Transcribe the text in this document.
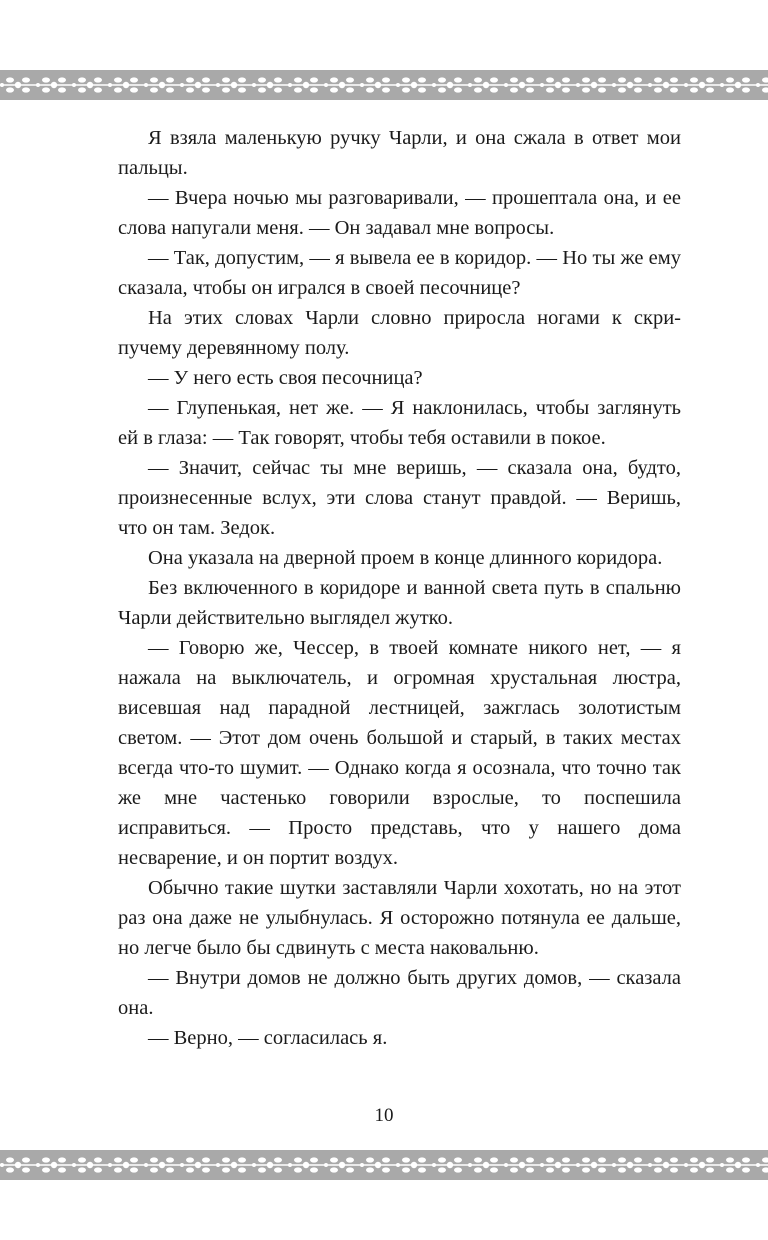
Я взяла маленькую ручку Чарли, и она сжала в ответ мои пальцы.

— Вчера ночью мы разговаривали, — прошептала она, и ее слова напугали меня. — Он задавал мне вопросы.

— Так, допустим, — я вывела ее в коридор. — Но ты же ему сказала, чтобы он игрался в своей песочнице?

На этих словах Чарли словно приросла ногами к скрипучему деревянному полу.

— У него есть своя песочница?

— Глупенькая, нет же. — Я наклонилась, чтобы заглянуть ей в глаза: — Так говорят, чтобы тебя оставили в покое.

— Значит, сейчас ты мне веришь, — сказала она, будто, произнесенные вслух, эти слова станут правдой. — Веришь, что он там. Зедок.

Она указала на дверной проем в конце длинного коридора.

Без включенного в коридоре и ванной света путь в спальню Чарли действительно выглядел жутко.

— Говорю же, Чессер, в твоей комнате никого нет, — я нажала на выключатель, и огромная хрустальная люстра, висевшая над парадной лестницей, зажглась золотистым светом. — Этот дом очень большой и старый, в таких местах всегда что-то шумит. — Однако когда я осознала, что точно так же мне частенько говорили взрослые, то поспешила исправиться. — Просто представь, что у нашего дома несварение, и он портит воздух.

Обычно такие шутки заставляли Чарли хохотать, но на этот раз она даже не улыбнулась. Я осторожно потянула ее дальше, но легче было бы сдвинуть с места наковальню.

— Внутри домов не должно быть других домов, — сказала она.

— Верно, — согласилась я.

10
